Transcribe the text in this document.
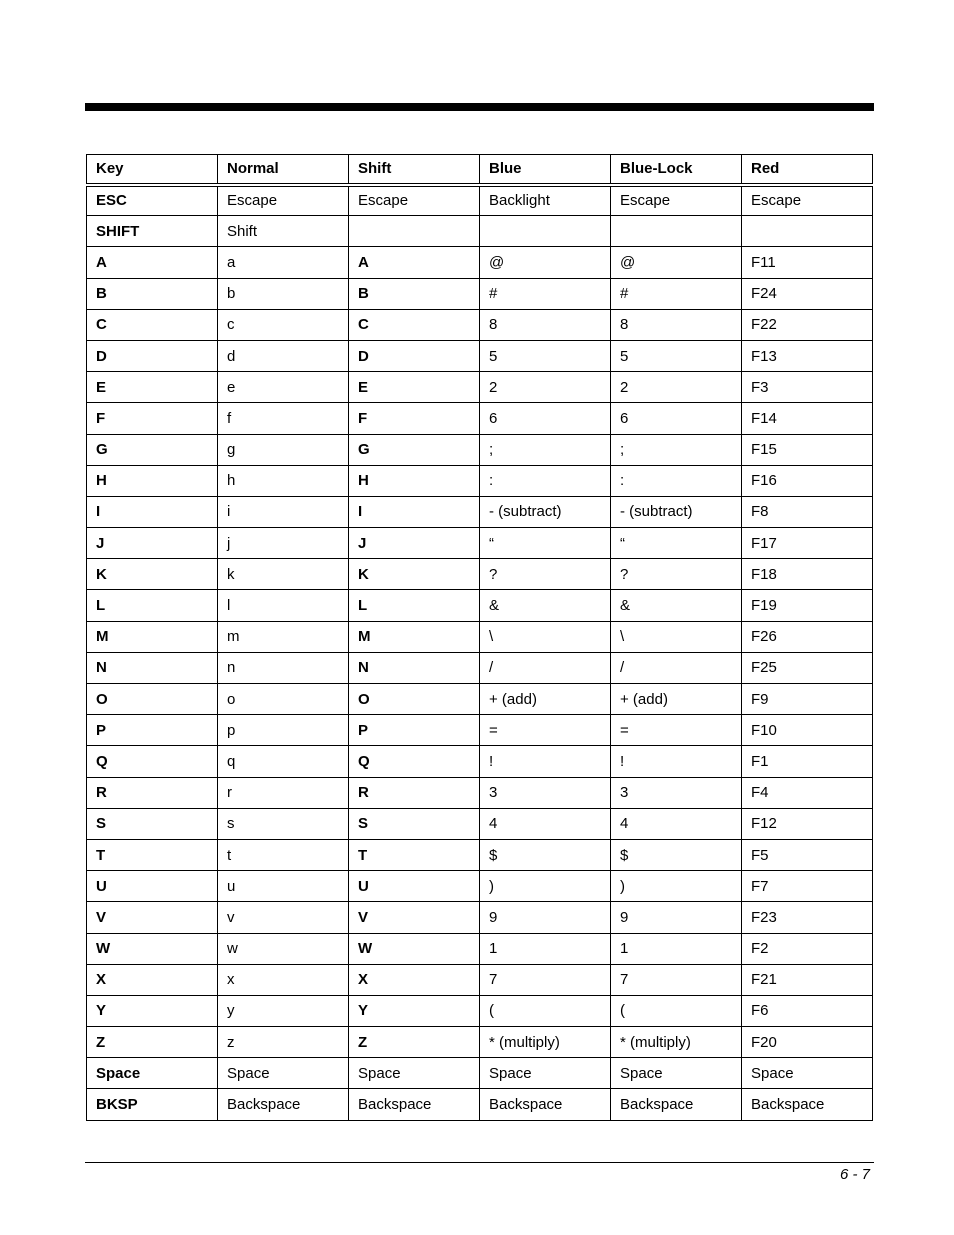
Key	Normal	Shift	Blue	Blue-Lock	Red
ESC	Escape	Escape	Backlight	Escape	Escape
SHIFT	Shift				
A	a	A	@	@	F11
B	b	B	#	#	F24
C	c	C	8	8	F22
D	d	D	5	5	F13
E	e	E	2	2	F3
F	f	F	6	6	F14
G	g	G	;	;	F15
H	h	H	:	:	F16
I	i	I	- (subtract)	- (subtract)	F8
J	j	J	“	“	F17
K	k	K	?	?	F18
L	l	L	&	&	F19
M	m	M	\	\	F26
N	n	N	/	/	F25
O	o	O	+ (add)	+ (add)	F9
P	p	P	=	=	F10
Q	q	Q	!	!	F1
R	r	R	3	3	F4
S	s	S	4	4	F12
T	t	T	$	$	F5
U	u	U	)	)	F7
V	v	V	9	9	F23
W	w	W	1	1	F2
X	x	X	7	7	F21
Y	y	Y	(	(	F6
Z	z	Z	* (multiply)	* (multiply)	F20
Space	Space	Space	Space	Space	Space
BKSP	Backspace	Backspace	Backspace	Backspace	Backspace
6 - 7
